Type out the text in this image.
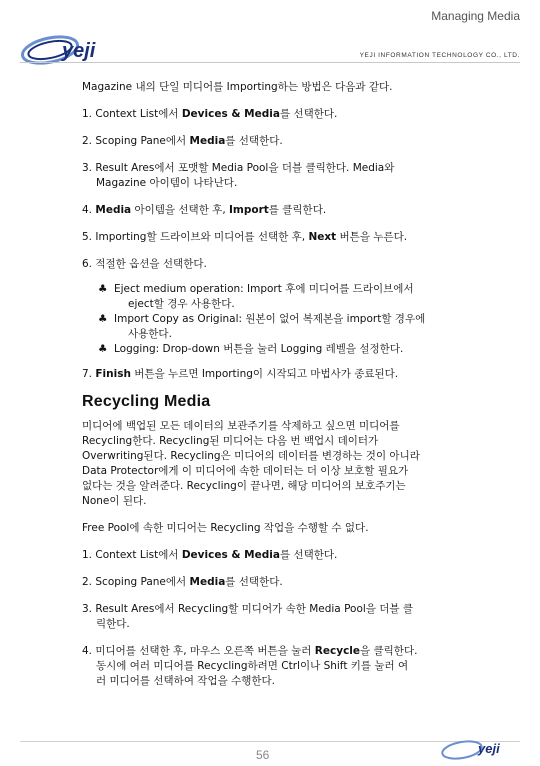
Managing Media
yeji	YEJI INFORMATION TECHNOLOGY CO., LTD.
Magazine 내의 단일 미디어를 Importing하는 방법은 다음과 같다.
1. Context List에서 Devices & Media를 선택한다.
2. Scoping Pane에서 Media를 선택한다.
3. Result Ares에서 포맷할 Media Pool을 더블 클릭한다. Media와
Magazine 아이템이 나타난다.
4. Media 아이템을 선택한 후, Import를 클릭한다.
5. Importing할 드라이브와 미디어를 선택한 후, Next 버튼을 누른다.
6. 적절한 옵션을 선택한다.
♣ Eject medium operation: Import 후에 미디어를 드라이브에서
eject할 경우 사용한다.
♣ Import Copy as Original: 원본이 없어 복제본을 import할 경우에
사용한다.
♣ Logging: Drop-down 버튼을 눌러 Logging 레벨을 설정한다.
7. Finish 버튼을 누르면 Importing이 시작되고 마법사가 종료된다.
Recycling Media
미디어에 백업된 모든 데이터의 보관주기를 삭제하고 싶으면 미디어를
Recycling한다. Recycling된 미디어는 다음 번 백업시 데이터가
Overwriting된다. Recycling은 미디어의 데이터를 변경하는 것이 아니라
Data Protector에게 이 미디어에 속한 데이터는 더 이상 보호할 필요가
없다는 것을 알려준다. Recycling이 끝나면, 해당 미디어의 보호주기는
None이 된다.
Free Pool에 속한 미디어는 Recycling 작업을 수행할 수 없다.
1. Context List에서 Devices & Media를 선택한다.
2. Scoping Pane에서 Media를 선택한다.
3. Result Ares에서 Recycling할 미디어가 속한 Media Pool을 더블 클
릭한다.
4. 미디어를 선택한 후, 마우스 오른쪽 버튼을 눌러 Recycle을 클릭한다.
동시에 여러 미디어를 Recycling하려면 Ctrl이나 Shift 키를 눌러 여
러 미디어를 선택하여 작업을 수행한다.
56	yeji
